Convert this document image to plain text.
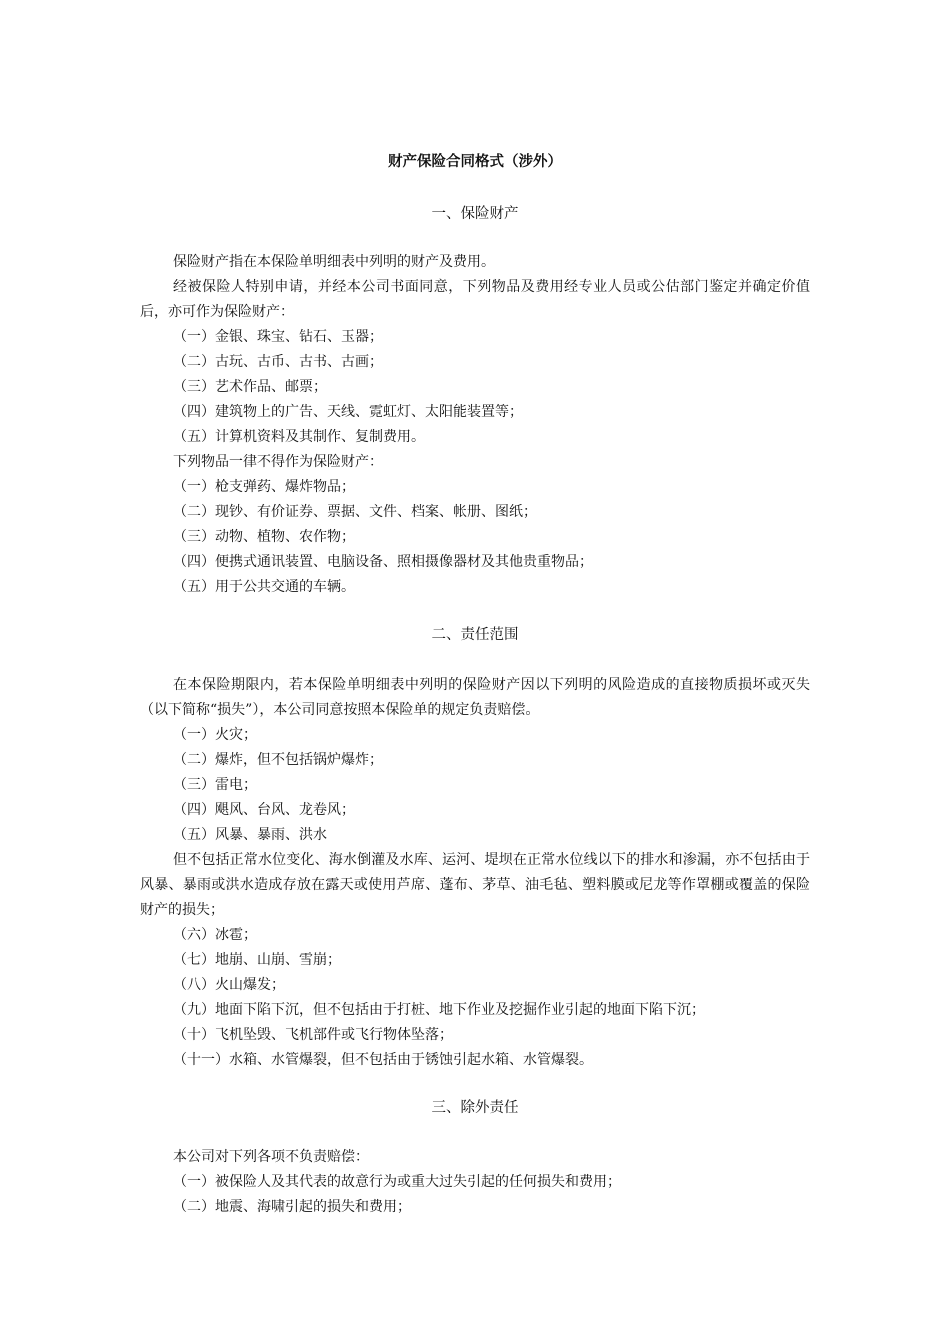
财产保险合同格式（涉外）
一、保险财产

保险财产指在本保险单明细表中列明的财产及费用。

经被保险人特别申请，并经本公司书面同意，下列物品及费用经专业人员或公估部门鉴定并确定价值后，亦可作为保险财产：

（一）金银、珠宝、钻石、玉器；

（二）古玩、古币、古书、古画；

（三）艺术作品、邮票；

（四）建筑物上的广告、天线、霓虹灯、太阳能装置等；

（五）计算机资料及其制作、复制费用。

下列物品一律不得作为保险财产：

（一）枪支弹药、爆炸物品；

（二）现钞、有价证券、票据、文件、档案、帐册、图纸；

（三）动物、植物、农作物；

（四）便携式通讯装置、电脑设备、照相摄像器材及其他贵重物品；

（五）用于公共交通的车辆。

二、责任范围

在本保险期限内，若本保险单明细表中列明的保险财产因以下列明的风险造成的直接物质损坏或灭失（以下简称“损失”），本公司同意按照本保险单的规定负责赔偿。

（一）火灾；

（二）爆炸，但不包括锅炉爆炸；

（三）雷电；

（四）飓风、台风、龙卷风；

（五）风暴、暴雨、洪水

但不包括正常水位变化、海水倒灌及水库、运河、堤坝在正常水位线以下的排水和渗漏，亦不包括由于风暴、暴雨或洪水造成存放在露天或使用芦席、蓬布、茅草、油毛毡、塑料膜或尼龙等作罩棚或覆盖的保险财产的损失；

（六）冰雹；

（七）地崩、山崩、雪崩；

（八）火山爆发；

（九）地面下陷下沉，但不包括由于打桩、地下作业及挖掘作业引起的地面下陷下沉；

（十）飞机坠毁、飞机部件或飞行物体坠落；

（十一）水箱、水管爆裂，但不包括由于锈蚀引起水箱、水管爆裂。

三、除外责任

本公司对下列各项不负责赔偿：

（一）被保险人及其代表的故意行为或重大过失引起的任何损失和费用；

（二）地震、海啸引起的损失和费用；
